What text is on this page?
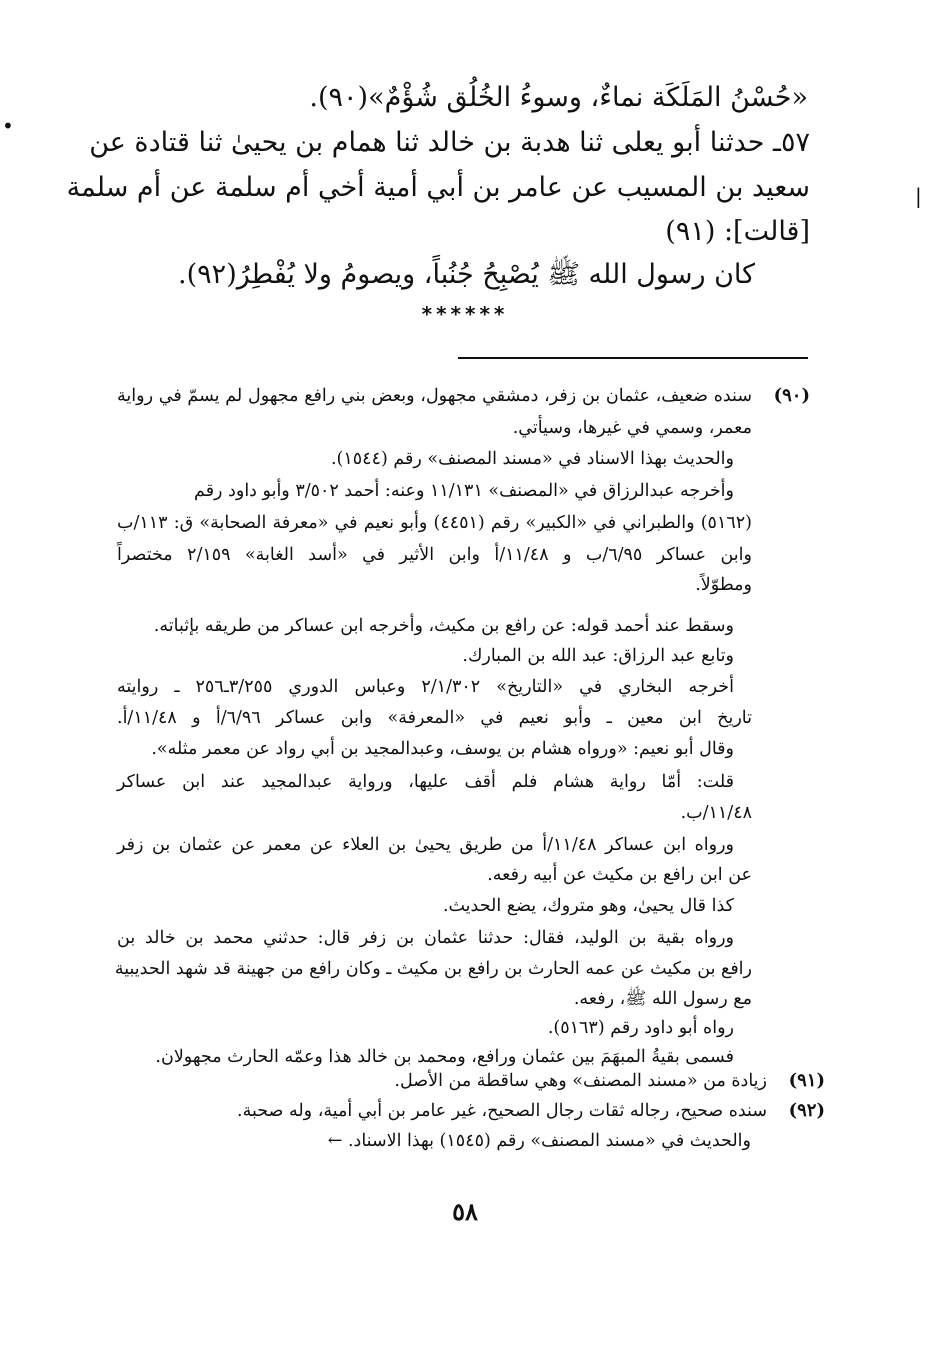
•
|
«حُسْنُ المَلَكَة نماءٌ، وسوءُ الخُلُق شُؤْمٌ»(٩٠).
٥٧ـ حدثنا أبو يعلى ثنا هدبة بن خالد ثنا همام بن يحيىٰ ثنا قتادة عن
سعيد بن المسيب عن عامر بن أبي أمية أخي أم سلمة عن أم سلمة
[قالت]: (٩١)
كان رسول الله ﷺ يُصْبِحُ جُنُباً، ويصومُ ولا يُفْطِرُ(٩٢).
******
(٩٠)
(٩١)
(٩٢)
سنده ضعيف، عثمان بن زفر، دمشقي مجهول، وبعض بني رافع مجهول لم يسمّ في رواية
معمر، وسمي في غيرها، وسيأتي.
والحديث بهذا الاسناد في «مسند المصنف» رقم (١٥٤٤).
وأخرجه عبدالرزاق في «المصنف» ١١/١٣١ وعنه: أحمد ٣/٥٠٢ وأبو داود رقم
(٥١٦٢) والطبراني في «الكبير» رقم (٤٤٥١) وأبو نعيم في «معرفة الصحابة» ق: ١١٣/ب
وابن عساكر ٦/٩٥/ب و ١١/٤٨/أ وابن الأثير في «أسد الغابة» ٢/١٥٩ مختصراً
ومطوّلاً.
وسقط عند أحمد قوله: عن رافع بن مكيث، وأخرجه ابن عساكر من طريقه بإثباته.
وتابع عبد الرزاق: عبد الله بن المبارك.
أخرجه البخاري في «التاريخ» ٢/١/٣٠٢ وعباس الدوري ٣/٢٥٥ـ٢٥٦ ـ روايته
تاريخ ابن معين ـ وأبو نعيم في «المعرفة» وابن عساكر ٦/٩٦/أ و ١١/٤٨/أ.
وقال أبو نعيم: «ورواه هشام بن يوسف، وعبدالمجيد بن أبي رواد عن معمر مثله».
قلت: أمّا رواية هشام فلم أقف عليها، ورواية عبدالمجيد عند ابن عساكر
١١/٤٨/ب.
ورواه ابن عساكر ١١/٤٨/أ من طريق يحيىٰ بن العلاء عن معمر عن عثمان بن زفر
عن ابن رافع بن مكيث عن أبيه رفعه.
كذا قال يحيىٰ، وهو متروك، يضع الحديث.
ورواه بقية بن الوليد، فقال: حدثنا عثمان بن زفر قال: حدثني محمد بن خالد بن
رافع بن مكيث عن عمه الحارث بن رافع بن مكيث ـ وكان رافع من جهينة قد شهد الحديبية
مع رسول الله ﷺ، رفعه.
رواه أبو داود رقم (٥١٦٣).
فسمى بقيةُ المبهَمَ بين عثمان ورافع، ومحمد بن خالد هذا وعمّه الحارث مجهولان.
زيادة من «مسند المصنف» وهي ساقطة من الأصل.
سنده صحيح، رجاله ثقات رجال الصحيح، غير عامر بن أبي أمية، وله صحبة.
والحديث في «مسند المصنف» رقم (١٥٤٥) بهذا الاسناد. ←
٥٨
